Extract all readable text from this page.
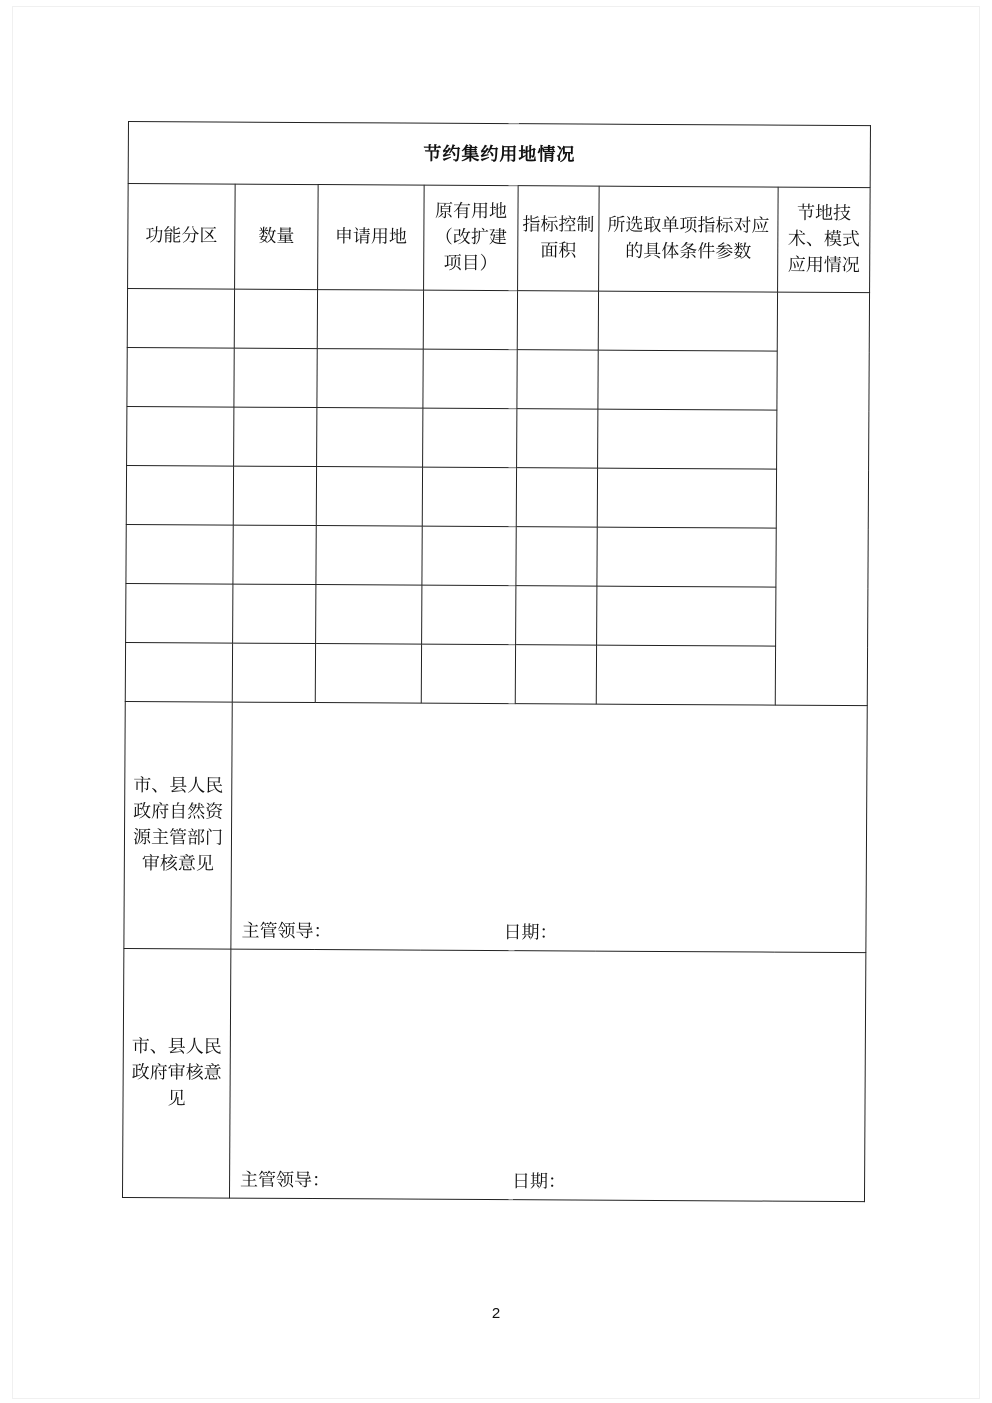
节约集约用地情况						
功能分区	数量	申请用地	原有用地（改扩建项目）	指标控制面积	所选取单项指标对应的具体条件参数	节地技术、模式应用情况

市、县人民政府自然资源主管部门审核意见	主管领导： 日期：					

市、县人民政府审核意见	主管领导： 日期：					
2
